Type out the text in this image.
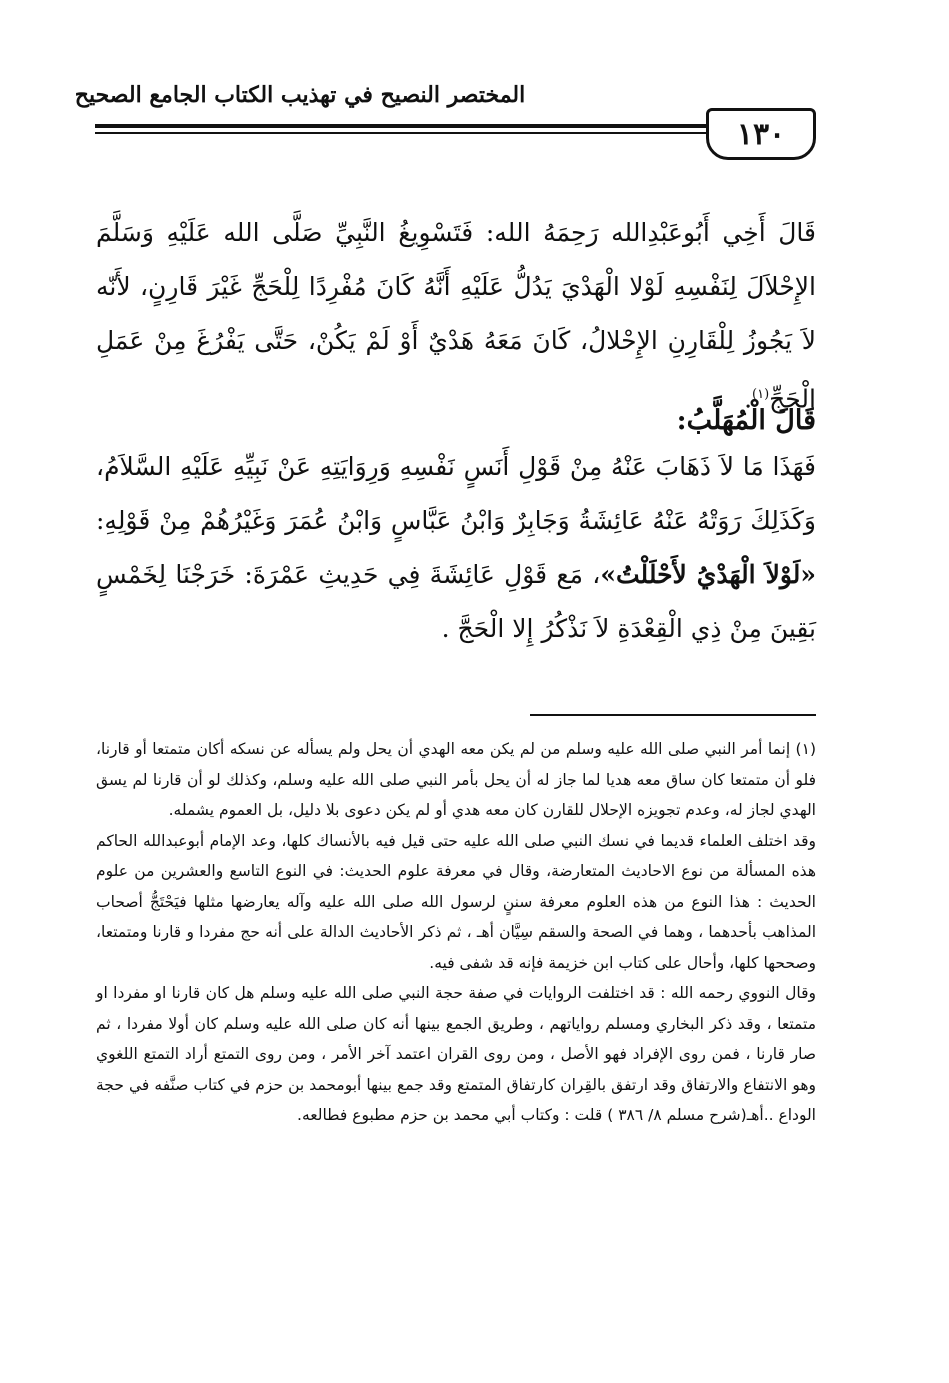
المختصر النصيح في تهذيب الكتاب الجامع الصحيح
١٣٠
قَالَ أَخِي أَبُوعَبْدِالله رَحِمَهُ الله: فَتَسْوِيغُ النَّبِيِّ صَلَّى الله عَلَيْهِ وَسَلَّمَ الإِحْلاَلَ لِنَفْسِهِ لَوْلا الْهَدْيَ يَدُلُّ عَلَيْهِ أَنَّهُ كَانَ مُفْرِدًا لِلْحَجِّ غَيْرَ قَارِنٍ، لأَنّه لاَ يَجُوزُ لِلْقَارِنِ الإِحْلالُ، كَانَ مَعَهُ هَدْيٌ أَوْ لَمْ يَكُنْ، حَتَّى يَفْرُغَ مِنْ عَمَلِ الْحَجِّ$^{(١)}$.
قَالَ الْمُهَلَّبُ:
فَهَذَا مَا لاَ ذَهَابَ عَنْهُ مِنْ قَوْلِ أَنَسٍ نَفْسِهِ وَرِوَايَتِهِ عَنْ نَبِيِّهِ عَلَيْهِ السَّلاَمُ، وَكَذَلِكَ رَوَتْهُ عَنْهُ عَائِشَةُ وَجَابِرٌ وَابْنُ عَبَّاسٍ وَابْنُ عُمَرَ وَغَيْرُهُمْ مِنْ قَوْلِهِ: «لَوْلاَ الْهَدْيُ لأَحْلَلْتُ»، مَع قَوْلِ عَائِشَةَ فِي حَدِيثِ عَمْرَةَ: خَرَجْنَا لِخَمْسٍ بَقِينَ مِنْ ذِي الْقِعْدَةِ لاَ نَذْكُرُ إِلا الْحَجَّ .

(١) إنما أمر النبي صلى الله عليه وسلم من لم يكن معه الهدي أن يحل ولم يسأله عن نسكه أكان متمتعا أو قارنا، فلو أن متمتعا كان ساق معه هديا لما جاز له أن يحل بأمر النبي صلى الله عليه وسلم، وكذلك لو أن قارنا لم يسق الهدي لجاز له، وعدم تجويزه الإحلال للقارن كان معه هدي أو لم يكن دعوى بلا دليل، بل العموم يشمله.

وقد اختلف العلماء قديما في نسك النبي صلى الله عليه حتى قيل فيه بالأنساك كلها، وعد الإمام أبوعبدالله الحاكم هذه المسألة من نوع الاحاديث المتعارضة، وقال في معرفة علوم الحديث: في النوع التاسع والعشرين من علوم الحديث : هذا النوع من هذه العلوم معرفة سننٍ لرسول الله صلى الله عليه وآله يعارضها مثلها فيَحْتَجُّ أصحاب المذاهب بأحدهما ، وهما في الصحة والسقم سِيَّان أهـ ، ثم ذكر الأحاديث الدالة على أنه حج مفردا و قارنا ومتمتعا، وصححها كلها، وأحال على كتاب ابن خزيمة فإنه قد شفى فيه.

وقال النووي رحمه الله : قد اختلفت الروايات في صفة حجة النبي صلى الله عليه وسلم هل كان قارنا او مفردا او متمتعا ، وقد ذكر البخاري ومسلم رواياتهم ، وطريق الجمع بينها أنه كان صلى الله عليه وسلم كان أولا مفردا ، ثم صار قارنا ، فمن روى الإفراد فهو الأصل ، ومن روى القران اعتمد آخر الأمر ، ومن روى التمتع أراد التمتع اللغوي وهو الانتفاع والارتفاق وقد ارتفق بالقِران كارتفاق المتمتع وقد جمع بينها أبومحمد بن حزم في كتاب صنَّفه في حجة الوداع ..أهـ(شرح مسلم ٨/ ٣٨٦ ) قلت : وكتاب أبي محمد بن حزم مطبوع فطالعه.
